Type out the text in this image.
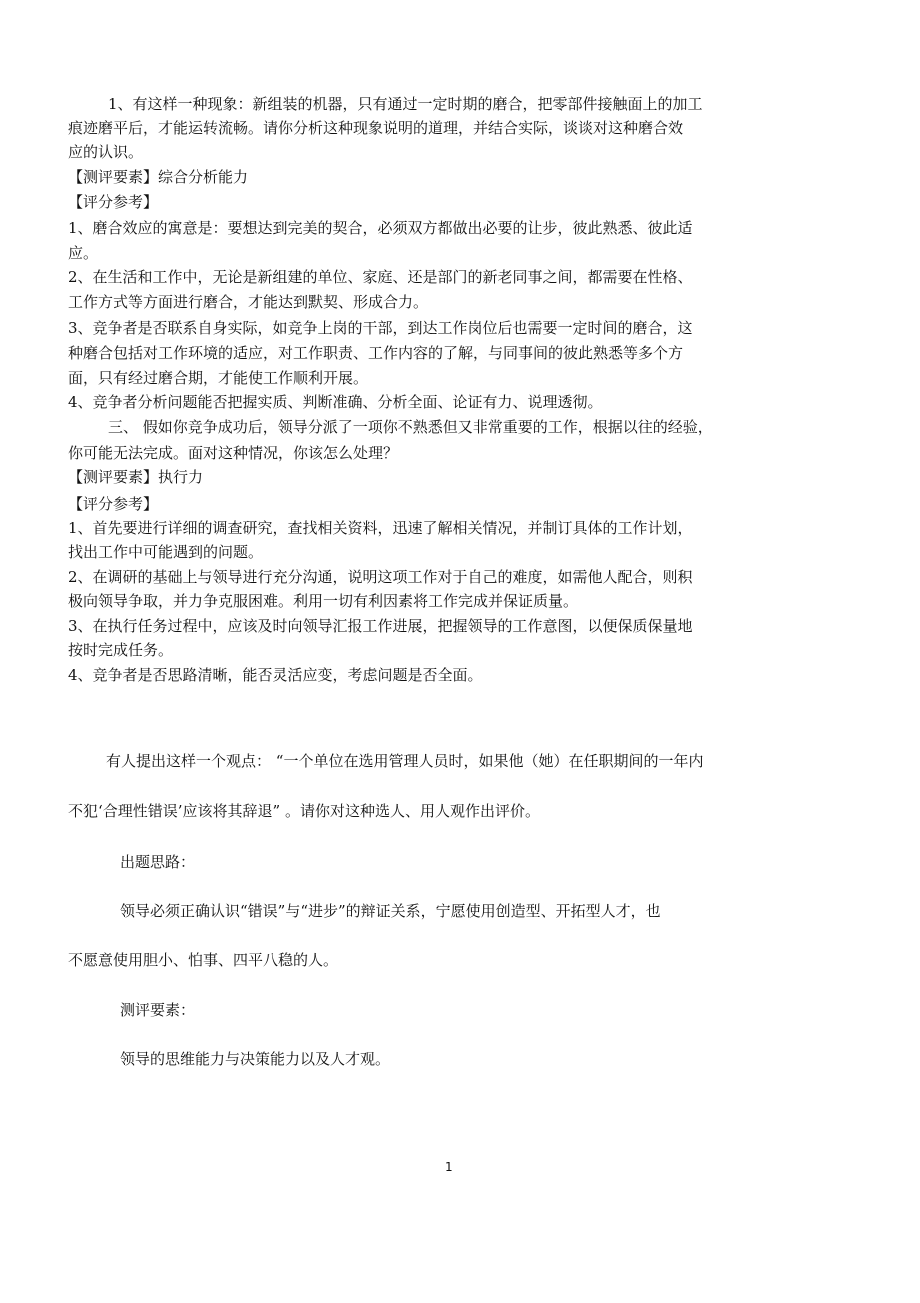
1、有这样一种现象：新组装的机器，只有通过一定时期的磨合，把零部件接触面上的加工
痕迹磨平后，才能运转流畅。请你分析这种现象说明的道理，并结合实际，谈谈对这种磨合效
应的认识。
【测评要素】综合分析能力
【评分参考】
1、磨合效应的寓意是：要想达到完美的契合，必须双方都做出必要的让步，彼此熟悉、彼此适
应。
2、在生活和工作中，无论是新组建的单位、家庭、还是部门的新老同事之间，都需要在性格、
工作方式等方面进行磨合，才能达到默契、形成合力。
3、竞争者是否联系自身实际，如竞争上岗的干部，到达工作岗位后也需要一定时间的磨合，这
种磨合包括对工作环境的适应，对工作职责、工作内容的了解，与同事间的彼此熟悉等多个方
面，只有经过磨合期，才能使工作顺利开展。
4、竞争者分析问题能否把握实质、判断准确、分析全面、论证有力、说理透彻。
三、 假如你竞争成功后，领导分派了一项你不熟悉但又非常重要的工作，根据以往的经验，
你可能无法完成。面对这种情况，你该怎么处理？
【测评要素】执行力
【评分参考】
1、首先要进行详细的调查研究，查找相关资料，迅速了解相关情况，并制订具体的工作计划，
找出工作中可能遇到的问题。
2、在调研的基础上与领导进行充分沟通，说明这项工作对于自己的难度，如需他人配合，则积
极向领导争取，并力争克服困难。利用一切有利因素将工作完成并保证质量。
3、在执行任务过程中，应该及时向领导汇报工作进展，把握领导的工作意图，以便保质保量地
按时完成任务。
4、竞争者是否思路清晰，能否灵活应变，考虑问题是否全面。
有人提出这样一个观点： “一个单位在选用管理人员时，如果他（她）在任职期间的一年内
不犯‘合理性错误’应该将其辞退” 。请你对这种选人、用人观作出评价。
出题思路：
领导必须正确认识“错误”与“进步”的辩证关系，宁愿使用创造型、开拓型人才，也
不愿意使用胆小、怕事、四平八稳的人。
测评要素：
领导的思维能力与决策能力以及人才观。
1
